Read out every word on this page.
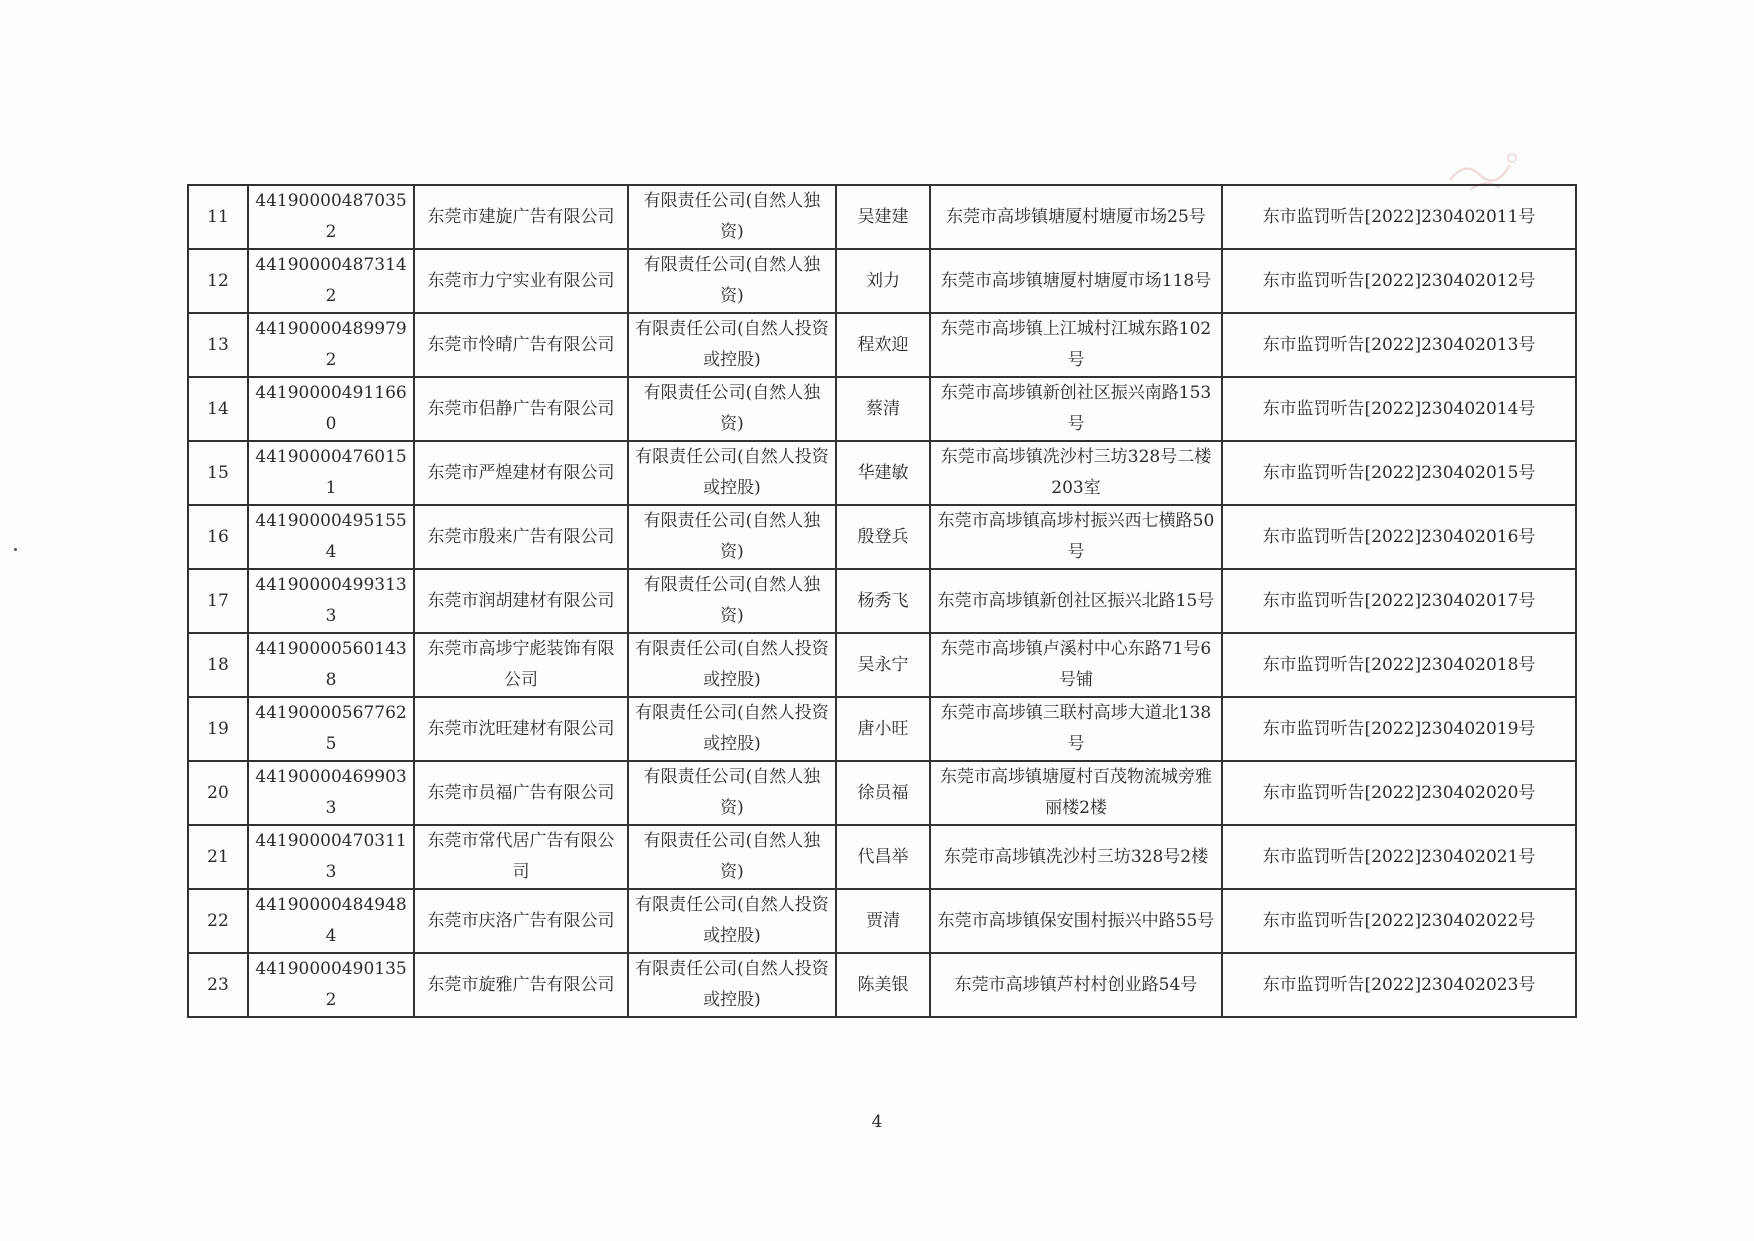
11	441900004870352	东莞市建旋广告有限公司	有限责任公司(自然人独资)	吴建建	东莞市高埗镇塘厦村塘厦市场25号	东市监罚听告[2022]230402011号
12	441900004873142	东莞市力宁实业有限公司	有限责任公司(自然人独资)	刘力	东莞市高埗镇塘厦村塘厦市场118号	东市监罚听告[2022]230402012号
13	441900004899792	东莞市怜晴广告有限公司	有限责任公司(自然人投资或控股)	程欢迎	东莞市高埗镇上江城村江城东路102号	东市监罚听告[2022]230402013号
14	441900004911660	东莞市侣静广告有限公司	有限责任公司(自然人独资)	蔡清	东莞市高埗镇新创社区振兴南路153号	东市监罚听告[2022]230402014号
15	441900004760151	东莞市严煌建材有限公司	有限责任公司(自然人投资或控股)	华建敏	东莞市高埗镇冼沙村三坊328号二楼203室	东市监罚听告[2022]230402015号
16	441900004951554	东莞市殷来广告有限公司	有限责任公司(自然人独资)	殷登兵	东莞市高埗镇高埗村振兴西七横路50号	东市监罚听告[2022]230402016号
17	441900004993133	东莞市润胡建材有限公司	有限责任公司(自然人独资)	杨秀飞	东莞市高埗镇新创社区振兴北路15号	东市监罚听告[2022]230402017号
18	441900005601438	东莞市高埗宁彪装饰有限公司	有限责任公司(自然人投资或控股)	吴永宁	东莞市高埗镇卢溪村中心东路71号6号铺	东市监罚听告[2022]230402018号
19	441900005677625	东莞市沈旺建材有限公司	有限责任公司(自然人投资或控股)	唐小旺	东莞市高埗镇三联村高埗大道北138号	东市监罚听告[2022]230402019号
20	441900004699033	东莞市员福广告有限公司	有限责任公司(自然人独资)	徐员福	东莞市高埗镇塘厦村百茂物流城旁雅丽楼2楼	东市监罚听告[2022]230402020号
21	441900004703113	东莞市常代居广告有限公司	有限责任公司(自然人独资)	代昌举	东莞市高埗镇冼沙村三坊328号2楼	东市监罚听告[2022]230402021号
22	441900004849484	东莞市庆洛广告有限公司	有限责任公司(自然人投资或控股)	贾清	东莞市高埗镇保安围村振兴中路55号	东市监罚听告[2022]230402022号
23	441900004901352	东莞市旋雅广告有限公司	有限责任公司(自然人投资或控股)	陈美银	东莞市高埗镇芦村村创业路54号	东市监罚听告[2022]230402023号
4
